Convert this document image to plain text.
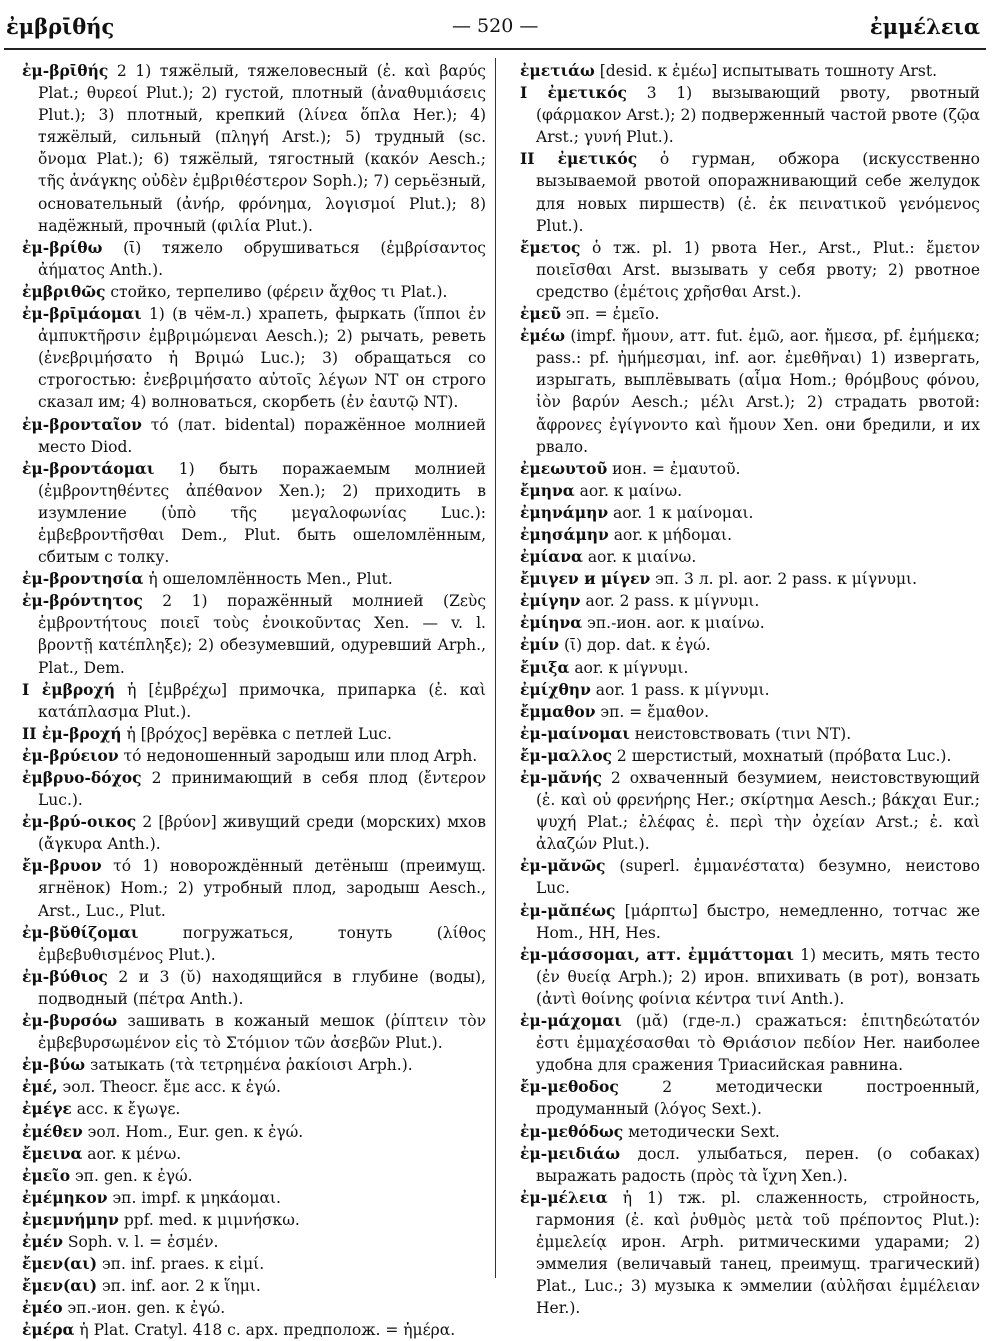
ἐμβρῑθής	— 520 —	ἐμμέλεια

ἐμ-βρῑθής 2 1) тяжёлый, тяжеловесный (ἐ. καὶ βαρύς Plat.; θυρεοί Plut.); 2) густой, плотный (ἀναθυμιάσεις Plut.); 3) плотный, крепкий (λίνεα ὅπλα Her.); 4) тяжёлый, сильный (πληγή Arst.); 5) трудный (sc. ὄνομα Plat.); 6) тяжёлый, тягостный (κακόν Aesch.; τῆς ἀνάγκης οὐδὲν ἐμβριθέστερον Soph.); 7) серьёзный, основательный (ἀνήρ, φρόνημα, λογισμοί Plut.); 8) надёжный, прочный (φιλία Plut.).

ἐμ-βρίθω (ῑ) тяжело обрушиваться (ἐμβρίσαντος ἀήματος Anth.).

ἐμβριθῶς стойко, терпеливо (φέρειν ἄχθος τι Plat.).

ἐμ-βρῑμάομαι 1) (в чём-л.) храпеть, фыркать (ἵπποι ἐν ἀμπυκτῆρσιν ἐμβριμώμεναι Aesch.); 2) рычать, реветь (ἐνεβριμήσατο ἡ Βριμώ Luc.); 3) обращаться со строгостью: ἐνεβριμήσατο αὐτοῖς λέγων NT он строго сказал им; 4) волноваться, скорбеть (ἐν ἑαυτῷ NT).

ἐμ-βρονταῖον τό (лат. bidental) поражённое молнией место Diod.

ἐμ-βροντάομαι 1) быть поражаемым молнией (ἐμβροντηθέντες ἀπέθανον Xen.); 2) приходить в изумление (ὑπὸ τῆς μεγαλοφωνίας Luc.): ἐμβεβροντῆσθαι Dem., Plut. быть ошеломлённым, сбитым с толку.

ἐμ-βροντησία ἡ ошеломлённость Men., Plut.

ἐμ-βρόντητος 2 1) поражённый молнией (Ζεὺς ἐμβροντήτους ποιεῖ τοὺς ἐνοικοῦντας Xen. — v. l. βροντῇ κατέπληξε); 2) обезумевший, одуревший Arph., Plat., Dem.

I ἐμβροχή ἡ [ἐμβρέχω] примочка, припарка (ἐ. καὶ κατάπλασμα Plut.).

II ἐμ-βροχή ἡ [βρόχος] верёвка с петлей Luc.

ἐμ-βρύειον τό недоношенный зародыш или плод Arph.

ἐμβρυο-δόχος 2 принимающий в себя плод (ἔντερον Luc.).

ἐμ-βρύ-οικος 2 [βρύον] живущий среди (морских) мхов (ἄγκυρα Anth.).

ἔμ-βρυον τό 1) новорождённый детёныш (преимущ. ягнёнок) Hom.; 2) утробный плод, зародыш Aesch., Arst., Luc., Plut.

ἐμ-βῠθίζομαι погружаться, тонуть (λίθος ἐμβεβυθισμένος Plut.).

ἐμ-βύθιος 2 и 3 (ῠ) находящийся в глубине (воды), подводный (πέτρα Anth.).

ἐμ-βυρσόω зашивать в кожаный мешок (ῥίπτειν τὸν ἐμβεβυρσωμένον εἰς τὸ Στόμιον τῶν ἀσεβῶν Plut.).

ἐμ-βύω затыкать (τὰ τετρημένα ῥακίοισι Arph.).

ἐμέ, эол. Theocr. ἔμε acc. к ἐγώ.

ἐμέγε acc. к ἔγωγε.

ἐμέθεν эол. Hom., Eur. gen. к ἐγώ.

ἔμεινα aor. к μένω.

ἐμεῖο эп. gen. к ἐγώ.

ἐμέμηκον эп. impf. к μηκάομαι.

ἐμεμνήμην ppf. med. к μιμνήσκω.

ἐμέν Soph. v. l. = ἐσμέν.

ἔμεν(αι) эп. inf. praes. к εἰμί.

ἔμεν(αι) эп. inf. aor. 2 к ἵημι.

ἐμέο эп.-ион. gen. к ἐγώ.

ἐμέρα ἡ Plat. Cratyl. 418 c. арх. предполож. = ἡμέρα.

ἐμετιάω [desid. к ἐμέω] испытывать тошноту Arst.

I ἐμετικός 3 1) вызывающий рвоту, рвотный (φάρμακον Arst.); 2) подверженный частой рвоте (ζῷα Arst.; γυνή Plut.).

II ἐμετικός ὁ гурман, обжора (искусственно вызываемой рвотой опоражнивающий себе желудок для новых пиршеств) (ἐ. ἐκ πεινατικοῦ γενόμενος Plut.).

ἔμετος ὁ тж. pl. 1) рвота Her., Arst., Plut.: ἔμετον ποιεῖσθαι Arst. вызывать у себя рвоту; 2) рвотное средство (ἐμέτοις χρῆσθαι Arst.).

ἐμεῦ эп. = ἐμεῖο.

ἐμέω (impf. ἤμουν, атт. fut. ἐμῶ, aor. ἤμεσα, pf. ἐμήμεκα; pass.: pf. ἠμήμεσμαι, inf. aor. ἐμεθῆναι) 1) извергать, изрыгать, выплёвывать (αἷμα Hom.; θρόμβους φόνου, ἰὸν βαρύν Aesch.; μέλι Arst.); 2) страдать рвотой: ἄφρονες ἐγίγνοντο καὶ ἤμουν Xen. они бредили, и их рвало.

ἐμεωυτοῦ ион. = ἐμαυτοῦ.

ἔμηνα aor. к μαίνω.

ἐμηνάμην aor. 1 к μαίνομαι.

ἐμησάμην aor. к μήδομαι.

ἐμίανα aor. к μιαίνω.

ἔμιγεν и μίγεν эп. 3 л. pl. aor. 2 pass. к μίγνυμι.

ἐμίγην aor. 2 pass. к μίγνυμι.

ἐμίηνα эп.-ион. aor. к μιαίνω.

ἐμίν (ῑ) дор. dat. к ἐγώ.

ἔμιξα aor. к μίγνυμι.

ἐμίχθην aor. 1 pass. к μίγνυμι.

ἔμμαθον эп. = ἔμαθον.

ἐμ-μαίνομαι неистовствовать (τινι NT).

ἔμ-μαλλος 2 шерстистый, мохнатый (πρόβατα Luc.).

ἐμ-μᾰνής 2 охваченный безумием, неистовствующий (ἐ. καὶ οὐ φρενήρης Her.; σκίρτημα Aesch.; βάκχαι Eur.; ψυχή Plat.; ἐλέφας ἐ. περὶ τὴν ὀχείαν Arst.; ἐ. καὶ ἀλαζών Plut.).

ἐμ-μᾰνῶς (superl. ἐμμανέστατα) безумно, неистово Luc.

ἐμ-μᾰπέως [μάρπτω] быстро, немедленно, тотчас же Hom., HH, Hes.

ἐμ-μάσσομαι, атт. ἐμμάττομαι 1) месить, мять тесто (ἐν θυείᾳ Arph.); 2) ирон. впихивать (в рот), вонзать (ἀντὶ θοίνης φοίνια κέντρα τινί Anth.).

ἐμ-μάχομαι (μᾰ) (где-л.) сражаться: ἐπιτηδεώτατόν ἐστι ἐμμαχέσασθαι τὸ Θριάσιον πεδίον Her. наиболее удобна для сражения Триасийская равнина.

ἔμ-μεθοδος 2 методически построенный, продуманный (λόγος Sext.).

ἐμ-μεθόδως методически Sext.

ἐμ-μειδιάω досл. улыбаться, перен. (о собаках) выражать радость (πρὸς τὰ ἴχνη Xen.).

ἐμ-μέλεια ἡ 1) тж. pl. слаженность, стройность, гармония (ἐ. καὶ ῥυθμὸς μετὰ τοῦ πρέποντος Plut.): ἐμμελείᾳ ирон. Arph. ритмическими ударами; 2) эммелия (величавый танец, преимущ. трагический) Plat., Luc.; 3) музыка к эммелии (αὐλῆσαι ἐμμέλειαν Her.).
